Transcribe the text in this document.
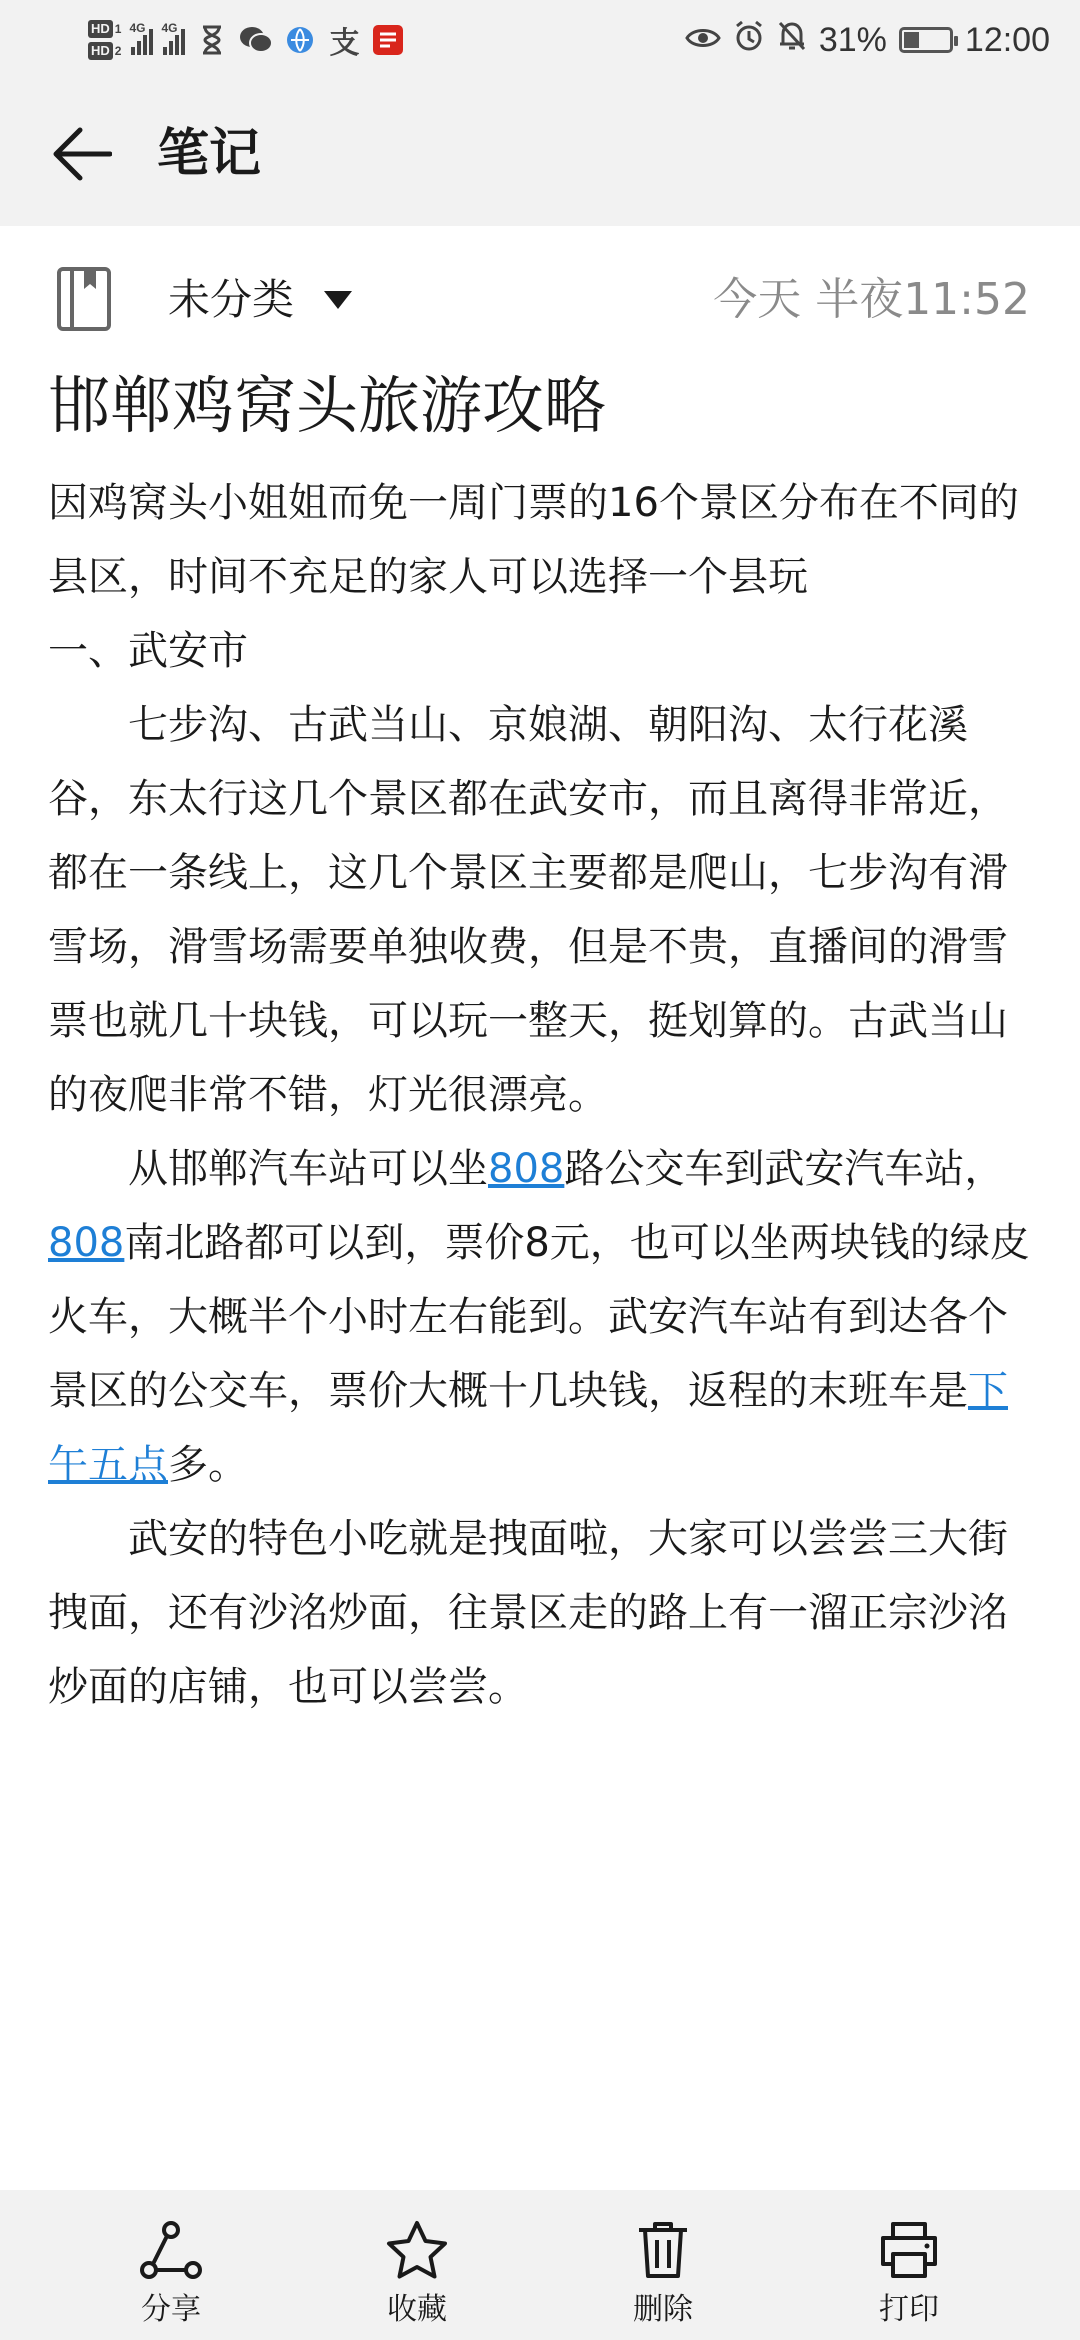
HD 1
HD 2
4G 4G	支	31% 12:00
笔记
未分类	今天 半夜11:52
邯郸鸡窝头旅游攻略

因鸡窝头小姐姐而免一周门票的16个景区分布在不同的县区，时间不充足的家人可以选择一个县玩

一、武安市

七步沟、古武当山、京娘湖、朝阳沟、太行花溪谷，东太行这几个景区都在武安市，而且离得非常近，都在一条线上，这几个景区主要都是爬山，七步沟有滑雪场，滑雪场需要单独收费，但是不贵，直播间的滑雪票也就几十块钱，可以玩一整天，挺划算的。古武当山的夜爬非常不错，灯光很漂亮。

从邯郸汽车站可以坐808路公交车到武安汽车站，808南北路都可以到，票价8元，也可以坐两块钱的绿皮火车，大概半个小时左右能到。武安汽车站有到达各个景区的公交车，票价大概十几块钱，返程的末班车是下午五点多。

武安的特色小吃就是拽面啦，大家可以尝尝三大街拽面，还有沙洺炒面，往景区走的路上有一溜正宗沙洺炒面的店铺，也可以尝尝。

分享	收藏	删除	打印
